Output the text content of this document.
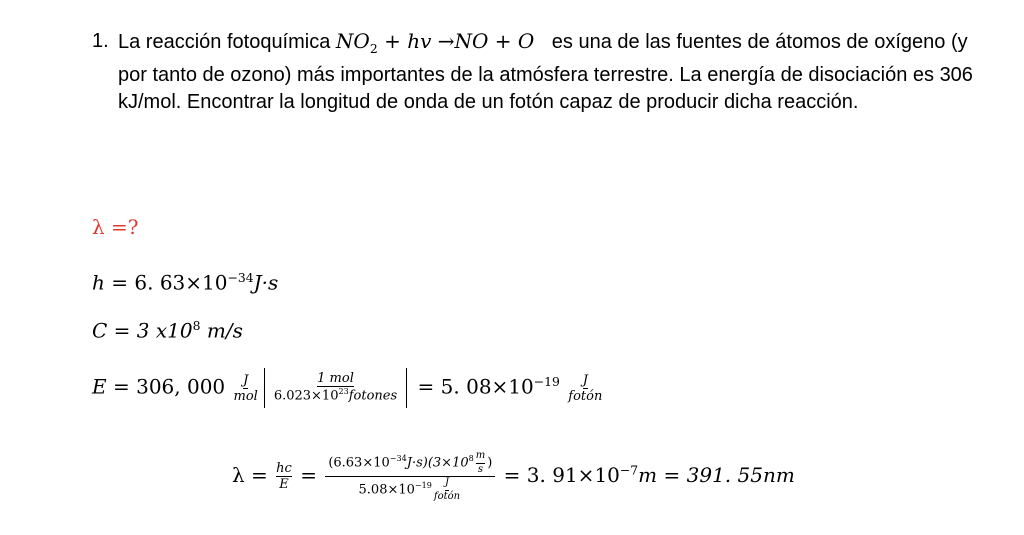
1. La reacción fotoquímica $NO_2$ + hv →NO + O es una de las fuentes de átomos de oxígeno (y por tanto de ozono) más importantes de la atmósfera terrestre. La energía de disociación es 306 kJ/mol. Encontrar la longitud de onda de un fotón capaz de producir dicha reacción.
λ =?
h = 6. $63\times 10^{-34}J\cdot s$
C = 3 $x10^8$ m/s
E = 306, $000 \frac{J}{\text{mol}} \frac{\text{1 mol}}{6.023\times 10^{23}fotones} = 5$. $08\times 10^{-19} \frac{J}{\text{fotón}}$
$\lambda = \frac{hc}{E} = \frac{(6.63\times 10^{-34}J\cdot s)(3\times 10^8 \frac{m}{s} )}{5.08\times 10^{-19} \frac{J}{\text{fotón}}} = 3$. $91\times 10^{-7}m = 391$. 55nm
